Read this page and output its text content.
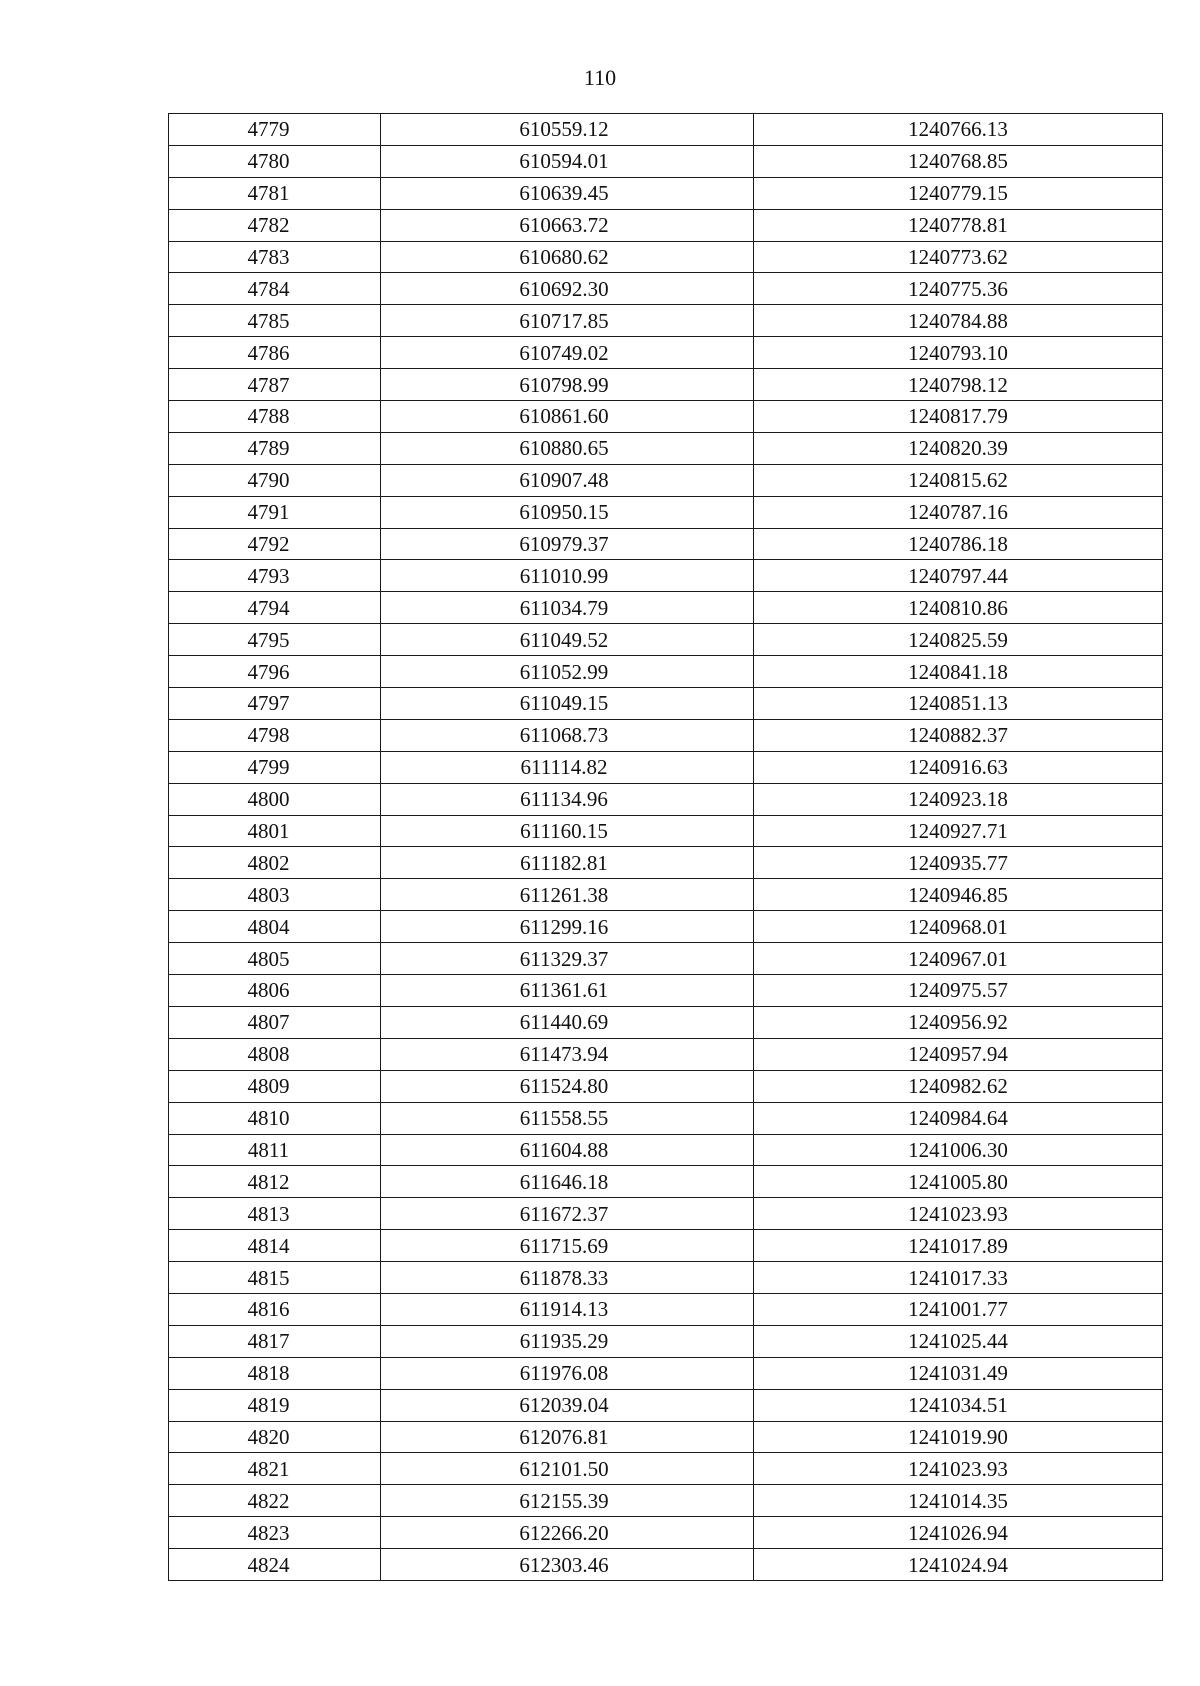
110
4779	610559.12	1240766.13
4780	610594.01	1240768.85
4781	610639.45	1240779.15
4782	610663.72	1240778.81
4783	610680.62	1240773.62
4784	610692.30	1240775.36
4785	610717.85	1240784.88
4786	610749.02	1240793.10
4787	610798.99	1240798.12
4788	610861.60	1240817.79
4789	610880.65	1240820.39
4790	610907.48	1240815.62
4791	610950.15	1240787.16
4792	610979.37	1240786.18
4793	611010.99	1240797.44
4794	611034.79	1240810.86
4795	611049.52	1240825.59
4796	611052.99	1240841.18
4797	611049.15	1240851.13
4798	611068.73	1240882.37
4799	611114.82	1240916.63
4800	611134.96	1240923.18
4801	611160.15	1240927.71
4802	611182.81	1240935.77
4803	611261.38	1240946.85
4804	611299.16	1240968.01
4805	611329.37	1240967.01
4806	611361.61	1240975.57
4807	611440.69	1240956.92
4808	611473.94	1240957.94
4809	611524.80	1240982.62
4810	611558.55	1240984.64
4811	611604.88	1241006.30
4812	611646.18	1241005.80
4813	611672.37	1241023.93
4814	611715.69	1241017.89
4815	611878.33	1241017.33
4816	611914.13	1241001.77
4817	611935.29	1241025.44
4818	611976.08	1241031.49
4819	612039.04	1241034.51
4820	612076.81	1241019.90
4821	612101.50	1241023.93
4822	612155.39	1241014.35
4823	612266.20	1241026.94
4824	612303.46	1241024.94
